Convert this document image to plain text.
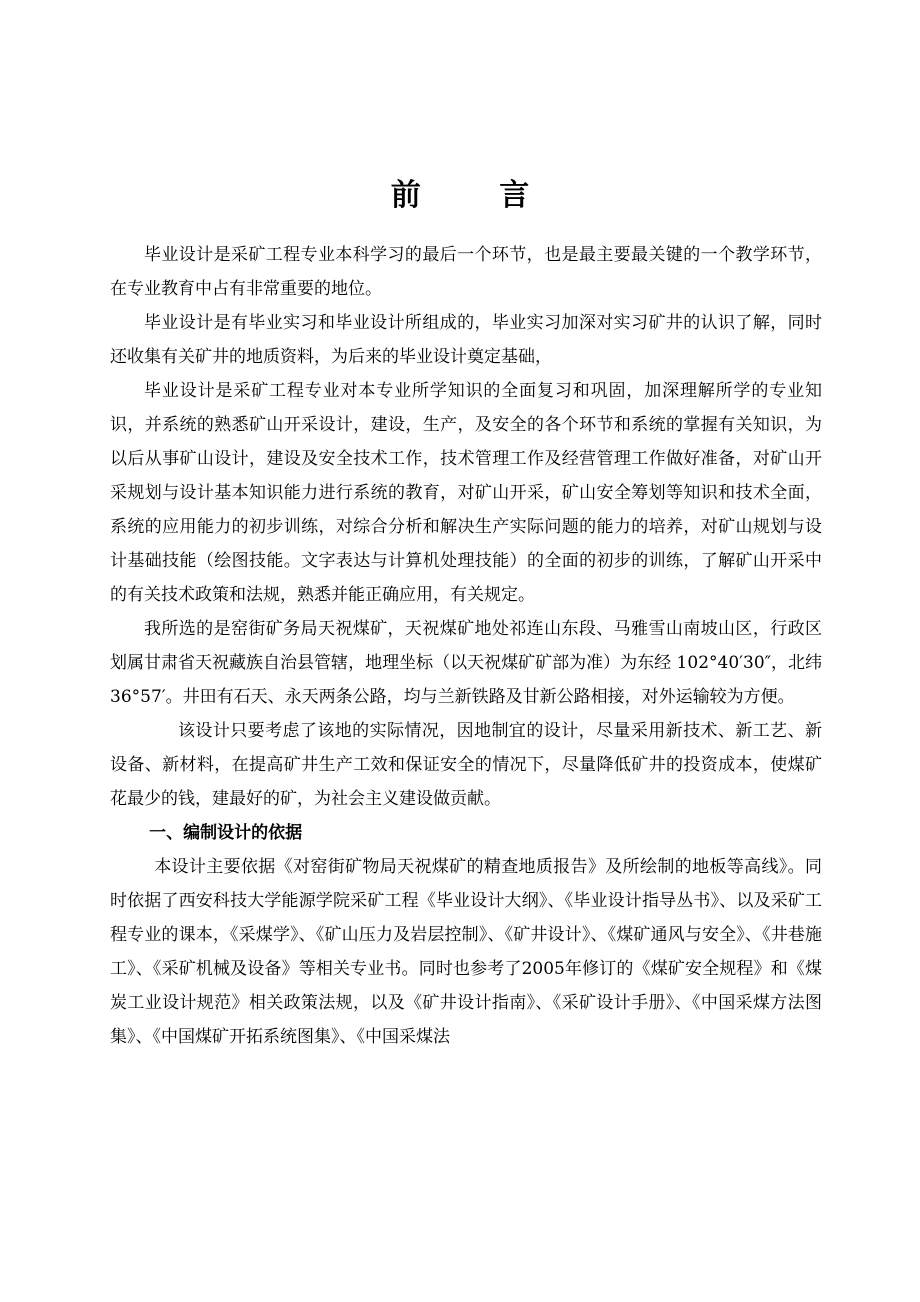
前 言

毕业设计是采矿工程专业本科学习的最后一个环节，也是最主要最关键的一个教学环节，在专业教育中占有非常重要的地位。

毕业设计是有毕业实习和毕业设计所组成的，毕业实习加深对实习矿井的认识了解，同时还收集有关矿井的地质资料，为后来的毕业设计奠定基础，

毕业设计是采矿工程专业对本专业所学知识的全面复习和巩固，加深理解所学的专业知识，并系统的熟悉矿山开采设计，建设，生产，及安全的各个环节和系统的掌握有关知识，为以后从事矿山设计，建设及安全技术工作，技术管理工作及经营管理工作做好准备，对矿山开采规划与设计基本知识能力进行系统的教育，对矿山开采，矿山安全筹划等知识和技术全面，系统的应用能力的初步训练，对综合分析和解决生产实际问题的能力的培养，对矿山规划与设计基础技能（绘图技能。文字表达与计算机处理技能）的全面的初步的训练，了解矿山开采中的有关技术政策和法规，熟悉并能正确应用，有关规定。

我所选的是窑街矿务局天祝煤矿，天祝煤矿地处祁连山东段、马雅雪山南坡山区，行政区划属甘肃省天祝藏族自治县管辖，地理坐标（以天祝煤矿矿部为准）为东经 102°40′30″，北纬 36°57′。井田有石天、永天两条公路，均与兰新铁路及甘新公路相接，对外运输较为方便。

该设计只要考虑了该地的实际情况，因地制宜的设计，尽量采用新技术、新工艺、新设备、新材料，在提高矿井生产工效和保证安全的情况下，尽量降低矿井的投资成本，使煤矿花最少的钱，建最好的矿，为社会主义建设做贡献。

一、编制设计的依据

本设计主要依据《对窑街矿物局天祝煤矿的精查地质报告》及所绘制的地板等高线》。同时依据了西安科技大学能源学院采矿工程《毕业设计大纲》、《毕业设计指导丛书》、以及采矿工程专业的课本，《采煤学》、《矿山压力及岩层控制》、《矿井设计》、《煤矿通风与安全》、《井巷施工》、《采矿机械及设备》等相关专业书。同时也参考了2005年修订的《煤矿安全规程》和《煤炭工业设计规范》相关政策法规，以及《矿井设计指南》、《采矿设计手册》、《中国采煤方法图集》、《中国煤矿开拓系统图集》、《中国采煤法
